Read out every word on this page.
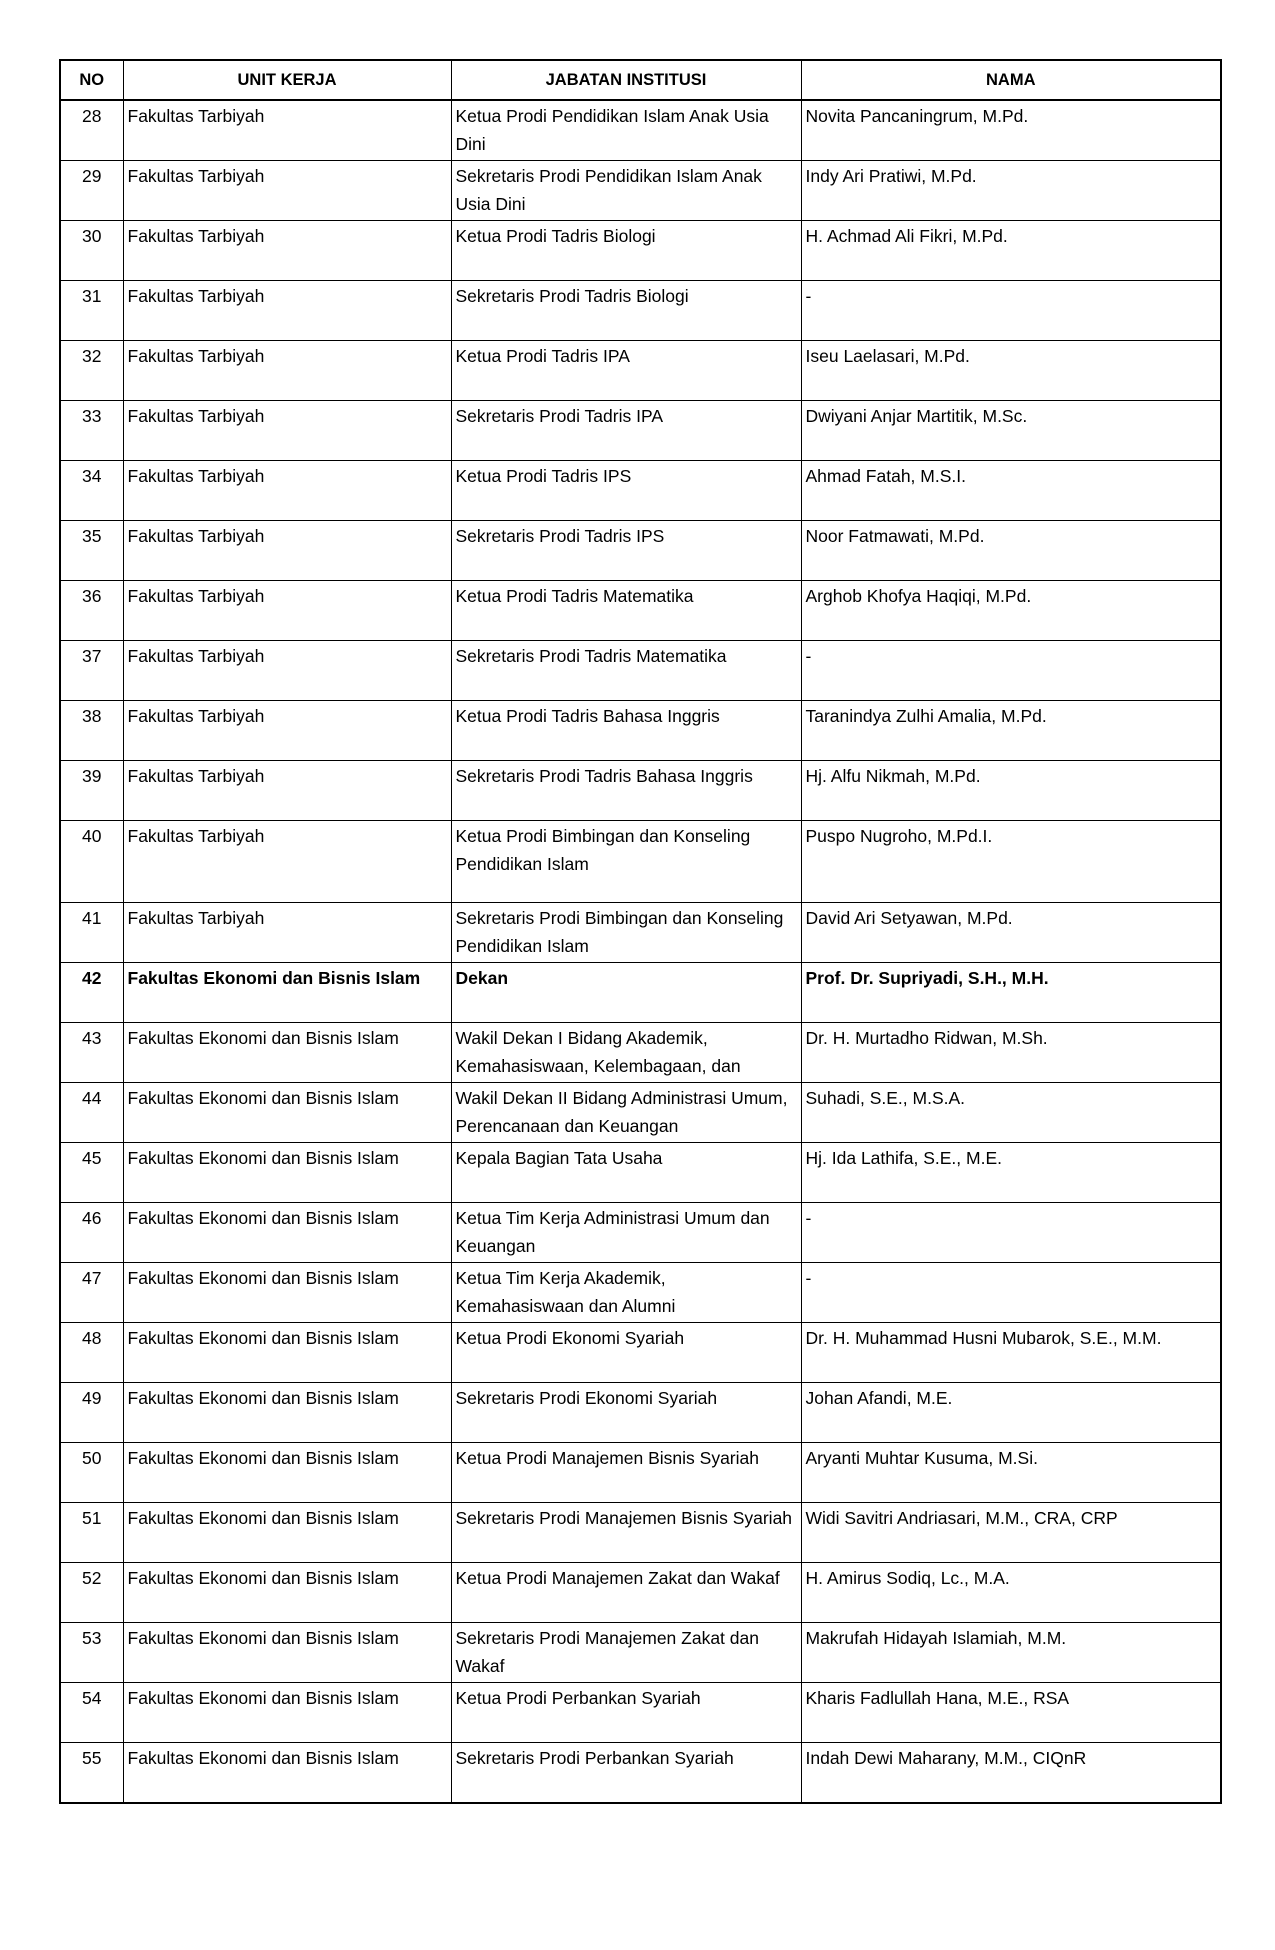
NO	UNIT KERJA	JABATAN INSTITUSI	NAMA
28	Fakultas Tarbiyah	Ketua Prodi Pendidikan Islam Anak Usia Dini	Novita Pancaningrum, M.Pd.
29	Fakultas Tarbiyah	Sekretaris Prodi Pendidikan Islam Anak Usia Dini	Indy Ari Pratiwi, M.Pd.
30	Fakultas Tarbiyah	Ketua Prodi Tadris Biologi	H. Achmad Ali Fikri, M.Pd.
31	Fakultas Tarbiyah	Sekretaris Prodi Tadris Biologi	-
32	Fakultas Tarbiyah	Ketua Prodi Tadris IPA	Iseu Laelasari, M.Pd.
33	Fakultas Tarbiyah	Sekretaris Prodi Tadris IPA	Dwiyani Anjar Martitik, M.Sc.
34	Fakultas Tarbiyah	Ketua Prodi Tadris IPS	Ahmad Fatah, M.S.I.
35	Fakultas Tarbiyah	Sekretaris Prodi Tadris IPS	Noor Fatmawati, M.Pd.
36	Fakultas Tarbiyah	Ketua Prodi Tadris Matematika	Arghob Khofya Haqiqi, M.Pd.
37	Fakultas Tarbiyah	Sekretaris Prodi Tadris Matematika	-
38	Fakultas Tarbiyah	Ketua Prodi Tadris Bahasa Inggris	Taranindya Zulhi Amalia, M.Pd.
39	Fakultas Tarbiyah	Sekretaris Prodi Tadris Bahasa Inggris	Hj. Alfu Nikmah, M.Pd.
40	Fakultas Tarbiyah	Ketua Prodi Bimbingan dan Konseling Pendidikan Islam	Puspo Nugroho, M.Pd.I.
41	Fakultas Tarbiyah	Sekretaris Prodi Bimbingan dan Konseling Pendidikan Islam	David Ari Setyawan, M.Pd.
42	Fakultas Ekonomi dan Bisnis Islam	Dekan	Prof. Dr. Supriyadi, S.H., M.H.
43	Fakultas Ekonomi dan Bisnis Islam	Wakil Dekan I Bidang Akademik, Kemahasiswaan, Kelembagaan, dan	Dr. H. Murtadho Ridwan, M.Sh.
44	Fakultas Ekonomi dan Bisnis Islam	Wakil Dekan II Bidang Administrasi Umum, Perencanaan dan Keuangan	Suhadi, S.E., M.S.A.
45	Fakultas Ekonomi dan Bisnis Islam	Kepala Bagian Tata Usaha	Hj. Ida Lathifa, S.E., M.E.
46	Fakultas Ekonomi dan Bisnis Islam	Ketua Tim Kerja Administrasi Umum dan Keuangan	-
47	Fakultas Ekonomi dan Bisnis Islam	Ketua Tim Kerja Akademik, Kemahasiswaan dan Alumni	-
48	Fakultas Ekonomi dan Bisnis Islam	Ketua Prodi Ekonomi Syariah	Dr. H. Muhammad Husni Mubarok, S.E., M.M.
49	Fakultas Ekonomi dan Bisnis Islam	Sekretaris Prodi Ekonomi Syariah	Johan Afandi, M.E.
50	Fakultas Ekonomi dan Bisnis Islam	Ketua Prodi Manajemen Bisnis Syariah	Aryanti Muhtar Kusuma, M.Si.
51	Fakultas Ekonomi dan Bisnis Islam	Sekretaris Prodi Manajemen Bisnis Syariah	Widi Savitri Andriasari, M.M., CRA, CRP
52	Fakultas Ekonomi dan Bisnis Islam	Ketua Prodi Manajemen Zakat dan Wakaf	H. Amirus Sodiq, Lc., M.A.
53	Fakultas Ekonomi dan Bisnis Islam	Sekretaris Prodi Manajemen Zakat dan Wakaf	Makrufah Hidayah Islamiah, M.M.
54	Fakultas Ekonomi dan Bisnis Islam	Ketua Prodi Perbankan Syariah	Kharis Fadlullah Hana, M.E., RSA
55	Fakultas Ekonomi dan Bisnis Islam	Sekretaris Prodi Perbankan Syariah	Indah Dewi Maharany, M.M., CIQnR
